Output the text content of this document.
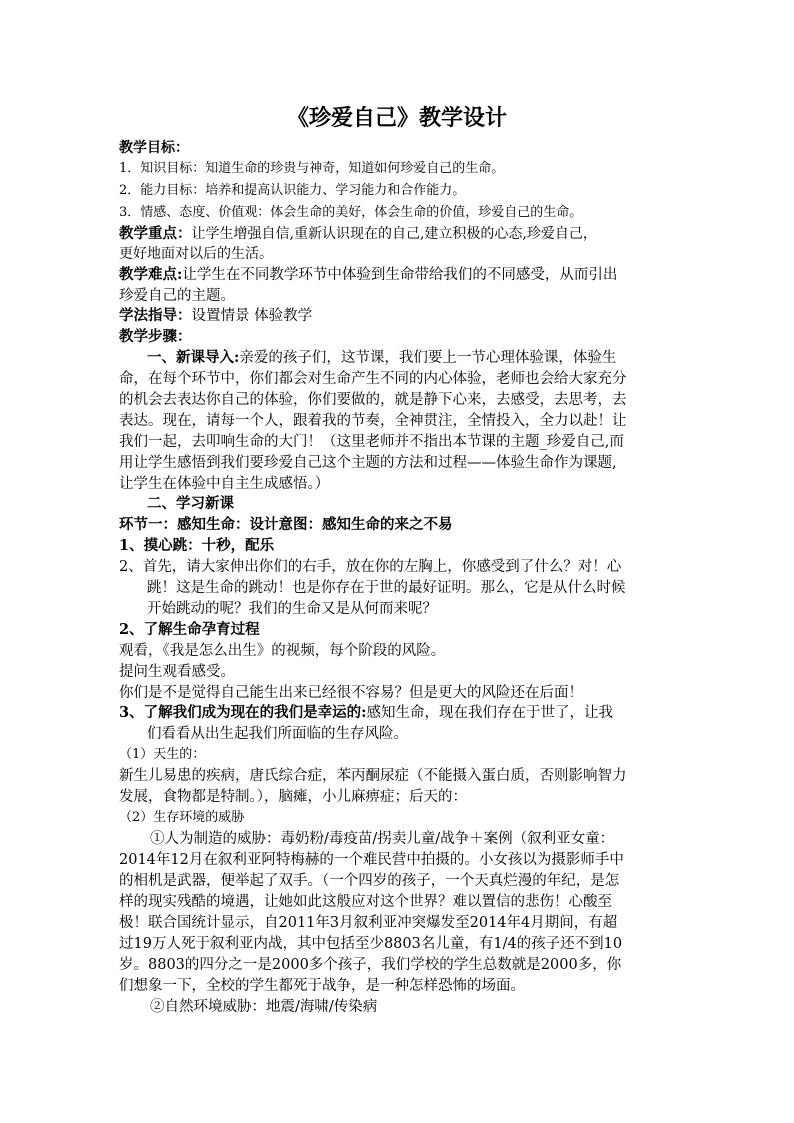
《珍爱自己》教学设计
教学目标：
1．知识目标：知道生命的珍贵与神奇，知道如何珍爱自己的生命。
2．能力目标：培养和提高认识能力、学习能力和合作能力。
3．情感、态度、价值观：体会生命的美好，体会生命的价值，珍爱自己的生命。
教学重点：让学生增强自信,重新认识现在的自己,建立积极的心态,珍爱自己，
更好地面对以后的生活。
教学难点:让学生在不同教学环节中体验到生命带给我们的不同感受，从而引出
珍爱自己的主题。
学法指导：设置情景 体验教学
教学步骤：
一、新课导入:亲爱的孩子们，这节课，我们要上一节心理体验课，体验生
命，在每个环节中，你们都会对生命产生不同的内心体验，老师也会给大家充分
的机会去表达你自己的体验，你们要做的，就是静下心来，去感受，去思考，去
表达。现在，请每一个人，跟着我的节奏，全神贯注，全情投入，全力以赴！让
我们一起，去叩响生命的大门！（这里老师并不指出本节课的主题_珍爱自己,而
用让学生感悟到我们要珍爱自己这个主题的方法和过程——体验生命作为课题,
让学生在体验中自主生成感悟。）
二、学习新课
环节一：感知生命：设计意图：感知生命的来之不易
1、摸心跳：十秒，配乐
2、首先，请大家伸出你们的右手，放在你的左胸上，你感受到了什么？对！心
跳！这是生命的跳动！也是你存在于世的最好证明。那么，它是从什么时候
开始跳动的呢？我们的生命又是从何而来呢？
2、了解生命孕育过程
观看，《我是怎么出生》的视频，每个阶段的风险。
提问生观看感受。
你们是不是觉得自己能生出来已经很不容易？但是更大的风险还在后面！
3、了解我们成为现在的我们是幸运的:感知生命，现在我们存在于世了，让我
们看看从出生起我们所面临的生存风险。
（1）天生的：
新生儿易患的疾病，唐氏综合症，苯丙酮尿症（不能摄入蛋白质，否则影响智力
发展，食物都是特制。），脑瘫，小儿麻痹症；后天的：
（2）生存环境的威胁
①人为制造的威胁：毒奶粉/毒疫苗/拐卖儿童/战争＋案例（叙利亚女童：
2014年12月在叙利亚阿特梅赫的一个难民营中拍摄的。小女孩以为摄影师手中
的相机是武器，便举起了双手。（一个四岁的孩子，一个天真烂漫的年纪，是怎
样的现实残酷的境遇，让她如此这般应对这个世界？难以置信的悲伤！心酸至
极！联合国统计显示，自2011年3月叙利亚冲突爆发至2014年4月期间，有超
过19万人死于叙利亚内战，其中包括至少8803名儿童，有1/4的孩子还不到10
岁。8803的四分之一是2000多个孩子，我们学校的学生总数就是2000多，你
们想象一下，全校的学生都死于战争，是一种怎样恐怖的场面。
②自然环境威胁：地震/海啸/传染病
